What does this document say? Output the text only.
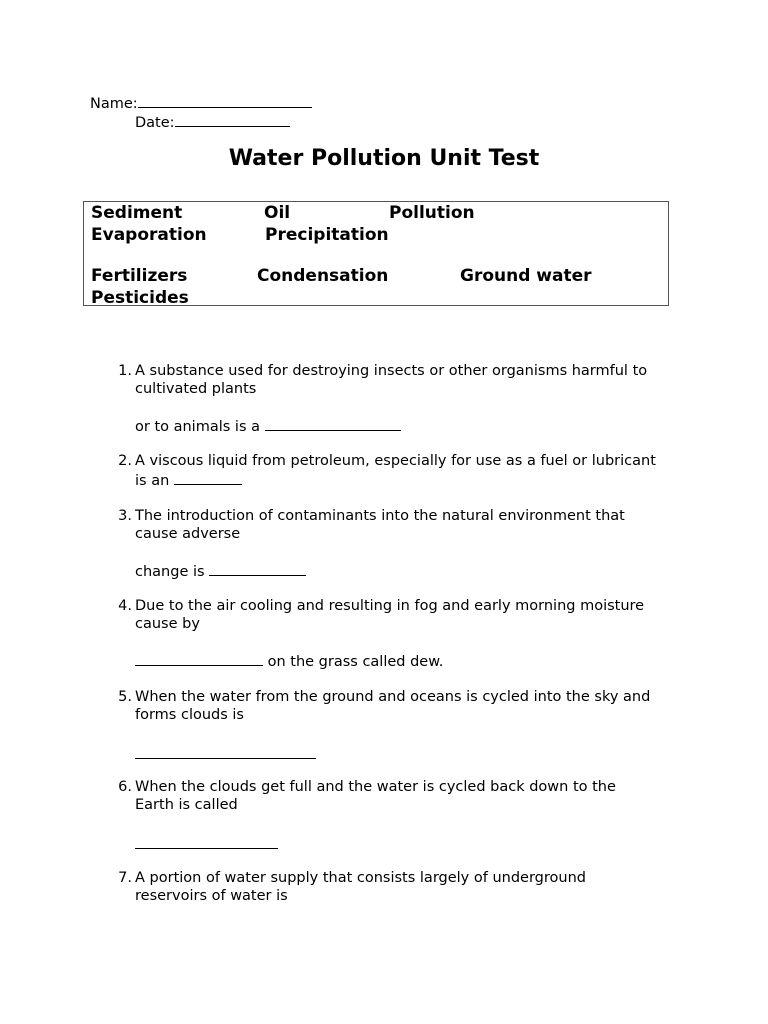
Name:
Date:
Water Pollution Unit Test
Sediment	Oil	Pollution
Evaporation	Precipitation
Fertilizers	Condensation	Ground water
Pesticides
1. A substance used for destroying insects or other organisms harmful to
cultivated plants
or to animals is a
2. A viscous liquid from petroleum, especially for use as a fuel or lubricant
is an
3. The introduction of contaminants into the natural environment that
cause adverse
change is
4. Due to the air cooling and resulting in fog and early morning moisture
cause by
on the grass called dew.
5. When the water from the ground and oceans is cycled into the sky and
forms clouds is
6. When the clouds get full and the water is cycled back down to the
Earth is called
7. A portion of water supply that consists largely of underground
reservoirs of water is
